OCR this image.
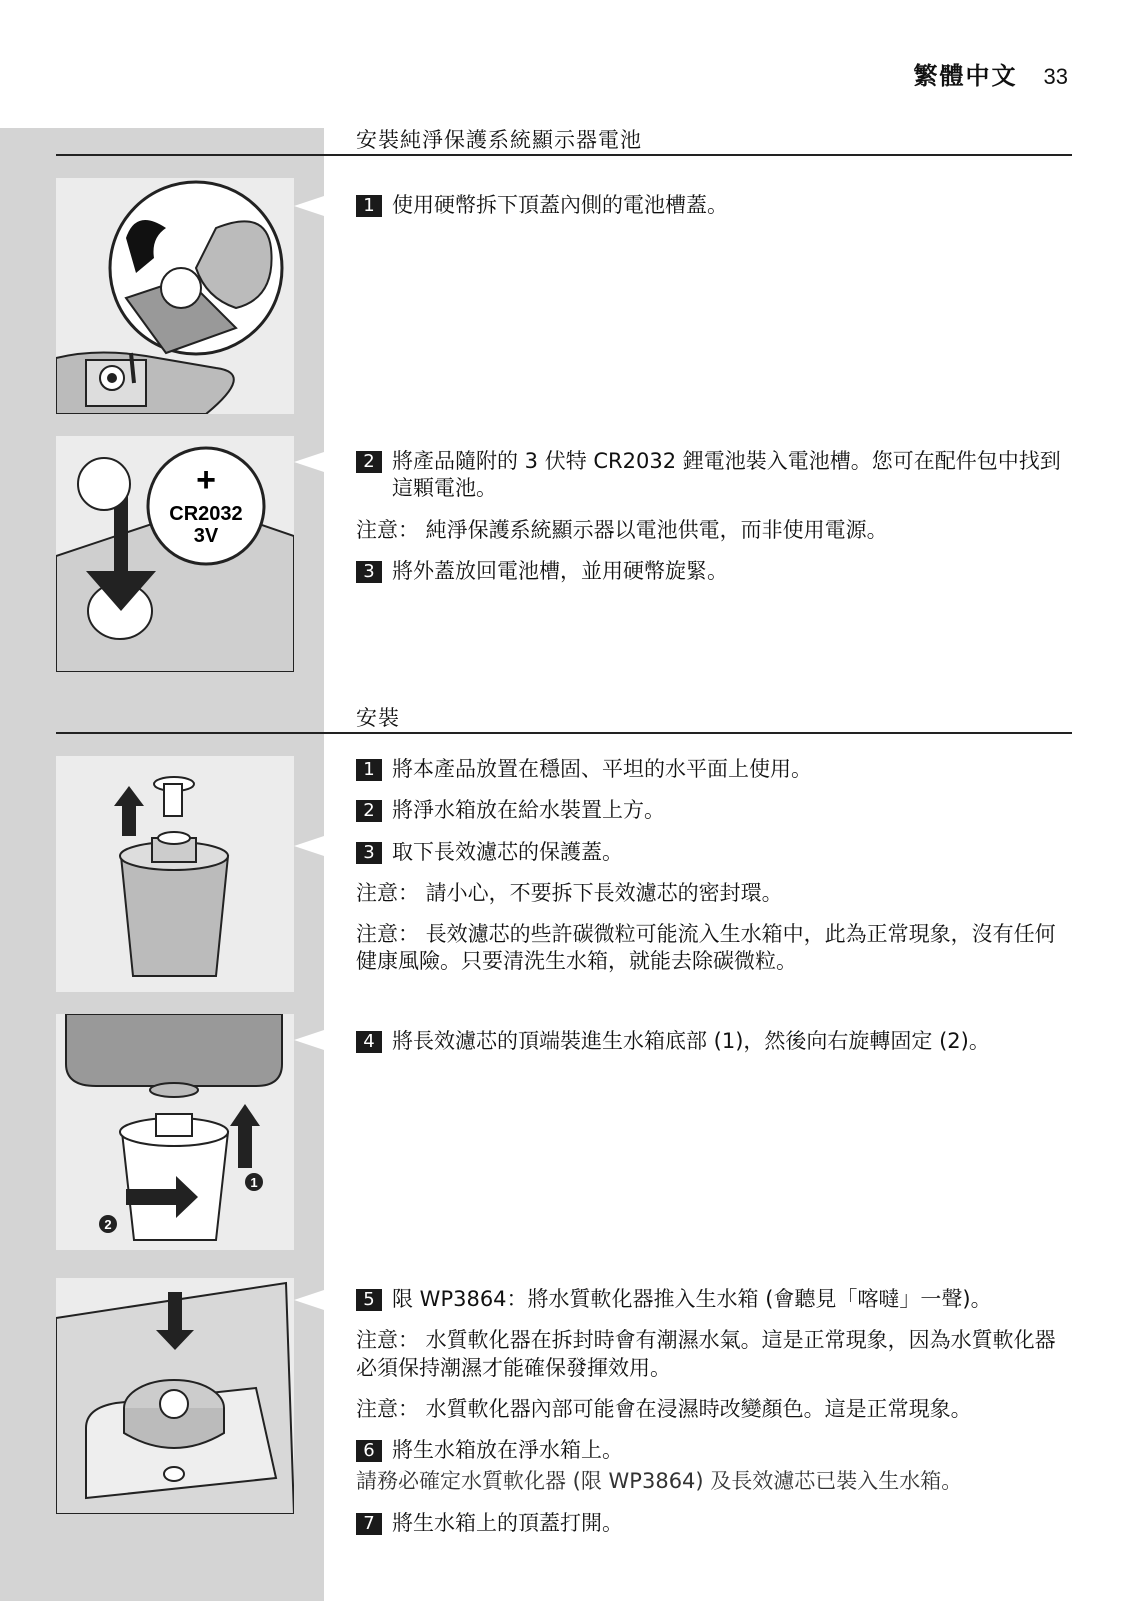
繁體中文 33
安裝純淨保護系統顯示器電池
1 使用硬幣拆下頂蓋內側的電池槽蓋。
+
CR2032
3V
2 將產品隨附的 3 伏特 CR2032 鋰電池裝入電池槽。您可在配件包中找到這顆電池。
注意： 純淨保護系統顯示器以電池供電，而非使用電源。
3 將外蓋放回電池槽，並用硬幣旋緊。
安裝
1 將本產品放置在穩固、平坦的水平面上使用。
2 將淨水箱放在給水裝置上方。
3 取下長效濾芯的保護蓋。
注意： 請小心，不要拆下長效濾芯的密封環。
注意： 長效濾芯的些許碳微粒可能流入生水箱中，此為正常現象，沒有任何健康風險。只要清洗生水箱，就能去除碳微粒。
1
2
4 將長效濾芯的頂端裝進生水箱底部 (1)，然後向右旋轉固定 (2)。
5 限 WP3864：將水質軟化器推入生水箱 (會聽見「喀噠」一聲)。
注意： 水質軟化器在拆封時會有潮濕水氣。這是正常現象，因為水質軟化器必須保持潮濕才能確保發揮效用。
注意： 水質軟化器內部可能會在浸濕時改變顏色。這是正常現象。
6 將生水箱放在淨水箱上。
請務必確定水質軟化器 (限 WP3864) 及長效濾芯已裝入生水箱。
7 將生水箱上的頂蓋打開。
